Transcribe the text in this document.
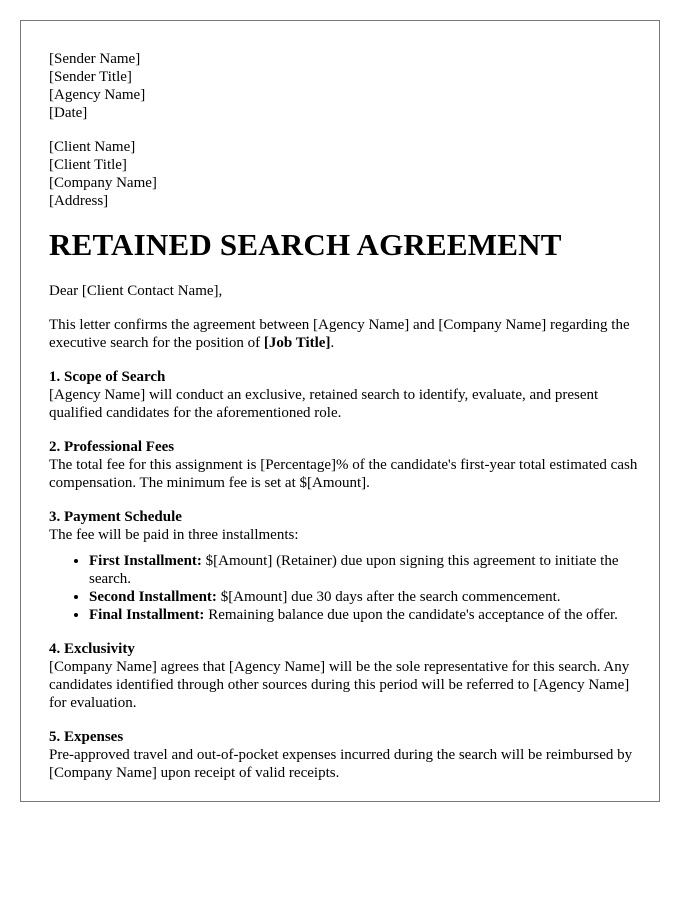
[Sender Name]
[Sender Title]
[Agency Name]
[Date]
[Client Name]
[Client Title]
[Company Name]
[Address]
RETAINED SEARCH AGREEMENT

Dear [Client Contact Name],

This letter confirms the agreement between [Agency Name] and [Company Name] regarding the executive search for the position of [Job Title].

1. Scope of Search
[Agency Name] will conduct an exclusive, retained search to identify, evaluate, and present qualified candidates for the aforementioned role.

2. Professional Fees
The total fee for this assignment is [Percentage]% of the candidate's first-year total estimated cash compensation. The minimum fee is set at $[Amount].

3. Payment Schedule
The fee will be paid in three installments:
• First Installment: $[Amount] (Retainer) due upon signing this agreement to initiate the search.
• Second Installment: $[Amount] due 30 days after the search commencement.
• Final Installment: Remaining balance due upon the candidate's acceptance of the offer.

4. Exclusivity
[Company Name] agrees that [Agency Name] will be the sole representative for this search. Any candidates identified through other sources during this period will be referred to [Agency Name] for evaluation.

5. Expenses
Pre-approved travel and out-of-pocket expenses incurred during the search will be reimbursed by [Company Name] upon receipt of valid receipts.
